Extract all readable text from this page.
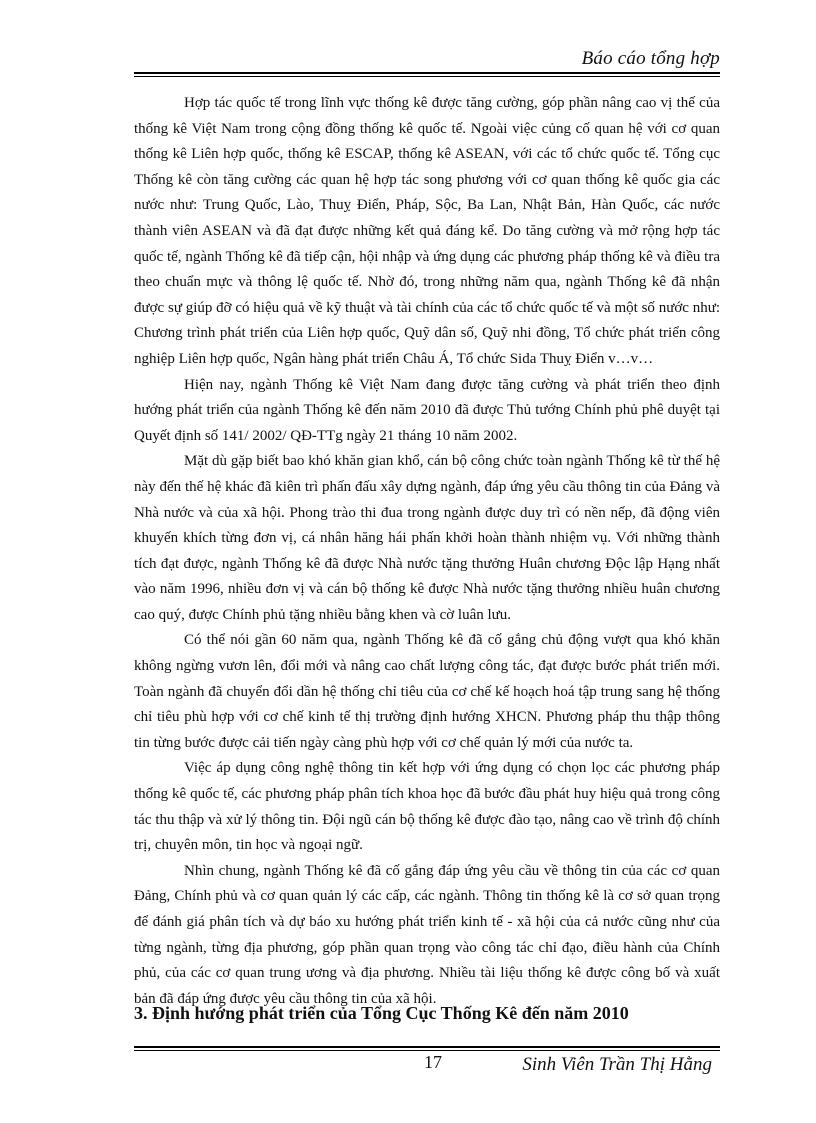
Báo cáo tổng hợp

Hợp tác quốc tế trong lĩnh vực thống kê được tăng cường, góp phần nâng cao vị thế của thống kê Việt Nam trong cộng đồng thống kê quốc tế. Ngoài việc củng cố quan hệ với cơ quan thống kê Liên hợp quốc, thống kê ESCAP, thống kê ASEAN, với các tổ chức quốc tế. Tổng cục Thống kê còn tăng cường các quan hệ hợp tác song phương với cơ quan thống kê quốc gia các nước như: Trung Quốc, Lào, Thuỵ Điển, Pháp, Sộc, Ba Lan, Nhật Bản, Hàn Quốc, các nước thành viên ASEAN và đã đạt được những kết quả đáng kể. Do tăng cường và mở rộng hợp tác quốc tế, ngành Thống kê đã tiếp cận, hội nhập và ứng dụng các phương pháp thống kê và điều tra theo chuẩn mực và thông lệ quốc tế. Nhờ đó, trong những năm qua, ngành Thống kê đã nhận được sự giúp đỡ có hiệu quả về kỹ thuật và tài chính của các tổ chức quốc tế và một số nước như: Chương trình phát triển của Liên hợp quốc, Quỹ dân số, Quỹ nhi đồng, Tổ chức phát triển công nghiệp Liên hợp quốc, Ngân hàng phát triển Châu Á, Tổ chức Sida Thuỵ Điển v…v…

Hiện nay, ngành Thống kê Việt Nam đang được tăng cường và phát triển theo định hướng phát triển của ngành Thống kê đến năm 2010 đã được Thủ tướng Chính phủ phê duyệt tại Quyết định số 141/ 2002/ QĐ-TTg ngày 21 tháng 10 năm 2002.

Mặt dù gặp biết bao khó khăn gian khổ, cán bộ công chức toàn ngành Thống kê từ thế hệ này đến thế hệ khác đã kiên trì phấn đấu xây dựng ngành, đáp ứng yêu cầu thông tin của Đảng và Nhà nước và của xã hội. Phong trào thi đua trong ngành được duy trì có nền nếp, đã động viên khuyến khích từng đơn vị, cá nhân hăng hái phấn khởi hoàn thành nhiệm vụ. Với những thành tích đạt được, ngành Thống kê đã được Nhà nước tặng thưởng Huân chương Độc lập Hạng nhất vào năm 1996, nhiều đơn vị và cán bộ thống kê được Nhà nước tặng thưởng nhiều huân chương cao quý, được Chính phủ tặng nhiều bằng khen và cờ luân lưu.

Có thể nói gần 60 năm qua, ngành Thống kê đã cố gắng chủ động vượt qua khó khăn không ngừng vươn lên, đổi mới và nâng cao chất lượng công tác, đạt được bước phát triển mới. Toàn ngành đã chuyển đổi dần hệ thống chỉ tiêu của cơ chế kế hoạch hoá tập trung sang hệ thống chỉ tiêu phù hợp với cơ chế kinh tế thị trường định hướng XHCN. Phương pháp thu thập thông tin từng bước được cải tiến ngày càng phù hợp với cơ chế quản lý mới của nước ta.

Việc áp dụng công nghệ thông tin kết hợp với ứng dụng có chọn lọc các phương pháp thống kê quốc tế, các phương pháp phân tích khoa học đã bước đầu phát huy hiệu quả trong công tác thu thập và xử lý thông tin. Đội ngũ cán bộ thống kê được đào tạo, nâng cao về trình độ chính trị, chuyên môn, tin học và ngoại ngữ.

Nhìn chung, ngành Thống kê đã cố gắng đáp ứng yêu cầu về thông tin của các cơ quan Đảng, Chính phủ và cơ quan quản lý các cấp, các ngành. Thông tin thống kê là cơ sở quan trọng để đánh giá phân tích và dự báo xu hướng phát triển kinh tế - xã hội của cả nước cũng như của từng ngành, từng địa phương, góp phần quan trọng vào công tác chỉ đạo, điều hành của Chính phủ, của các cơ quan trung ương và địa phương. Nhiều tài liệu thống kê được công bố và xuất bản đã đáp ứng được yêu cầu thông tin của xã hội.

3. Định hướng phát triển của Tổng Cục Thống Kê đến năm 2010
17	Sinh Viên Trần Thị Hằng
